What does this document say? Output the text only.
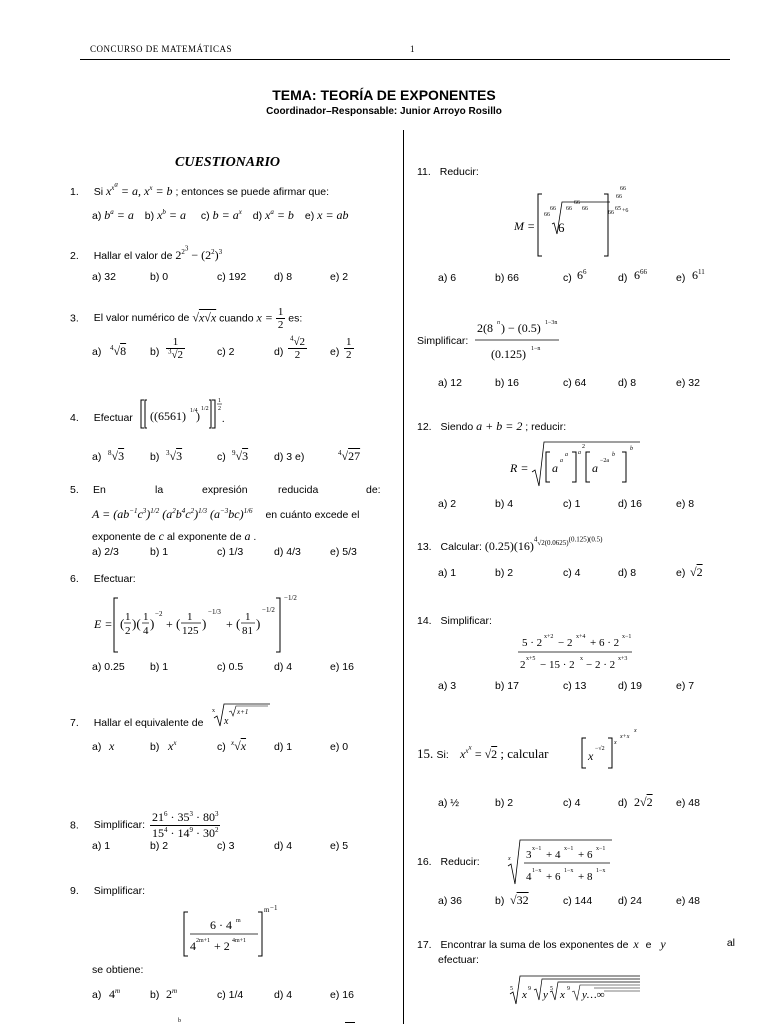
CONCURSO DE MATEMÁTICAS	1
TEMA: TEORÍA DE EXPONENTES
Coordinador–Responsable: Junior Arroyo Rosillo
CUESTIONARIO
1. Si $x^{x^a} = a$, $x^x = b$ ; entonces se puede afirmar que:
a) $b^a = a$ b) $x^b = a$ c) $b = a^x$ d) $x^a = b$ e) x = ab
2. Hallar el valor de $2^{2^3} - (2^2)^3$
a) 32	b) 0	c) 192	d) 8	e) 2
3. El valor numérico de √x√x cuando $x = \frac{1}{2}$ es:
a) $^4$√8 $b) \frac{1}{^3√2}$	c) 2	$d) \frac{^4√2}{2} e) \frac{1}{2}$
4. Efectuar ((6561) 1/4
) 1/2
1
2
.
a) $^8$√3 b) $^3$√3	c) $^9$√3 d) 3 e)	$^4$√27
5. En	la	expresión	reducida	de:
$A = (ab^{-1}c^3)^{1/2}$ $(a^2b^4c^2)^{1/3}$ $(a^{-3}bc)^{1/6}$ en cuánto excede el
exponente de c al exponente de a .
a) 2/3	b) 1	c) 1/3	d) 4/3	e) 5/3
6. Efectuar:
E = ( 1
2 )( 1
4 )
−2
+ ( 1
125 )
−1/3
+ ( 1
81 )
−1/2
−1/2
a) 0.25 b) 1	c) 0.5	d) 4	e) 16
7. Hallar el equivalente de
x
x
x+1
a) x	b) $x^x$	c) $^x$√x	d) 1	e) 0
8. Simplificar: $\frac{21^6 \cdot 35^3 \cdot 80^3}{15^4 \cdot 14^9 \cdot 30^2}$
a) 1	b) 2	c) 3	d) 4	e) 5
9. Simplificar:
6 · 4 m
4 2m+1 + 2 4m+1
m −1
se obtiene:
a) 4$^m$	b) 2$^m$	c) 1/4	d) 4	e) 16
11. Reducir:
M =
66
66
6
66
66
66
66
65 +6
66
66
a) 6	b) 66	c) $6^6$	d) $6^{66}$	e) $6^{11}$
Simplificar:
2(8 n ) − (0.5) 1−3n
(0.125) 1−n
a) 12	b) 16	c) 64	d) 8	e) 32
12. Siendo a + b = 2 ; reducir:
R = a a
a a
2
a −2a
b
b
a) 2	b) 4	c) 1	d) 16	e) 8
13. Calcular: $(0.25)(16)^{^4√2(0.0625)^{(0.125)(0.5)}}$
a) 1	b) 2	c) 4	d) 8	e) √2
14. Simplificar:
5 · 2 x+2 − 2 x+4 + 6 · 2 x−1
2 x+5 − 15 · 2 x − 2 · 2 x+3
a) 3	b) 17	c) 13	d) 19	e) 7
15. Si: $x^{x^x} = √2$ ; calcular	x −√2
x
x+x
x
a) ½	b) 2	c) 4	d) 2√2 e) 48
16. Reducir:	x 3 x−1 + 4 x−1 + 6 x−1
4 1−x + 6 1−x + 8 1−x
a) 36	b) √32	c) 144 d) 24	e) 48
17. Encontrar la suma de los exponentes de x e y	al
efectuar:
5 x 9 y 5 x 9 y…∞
b
